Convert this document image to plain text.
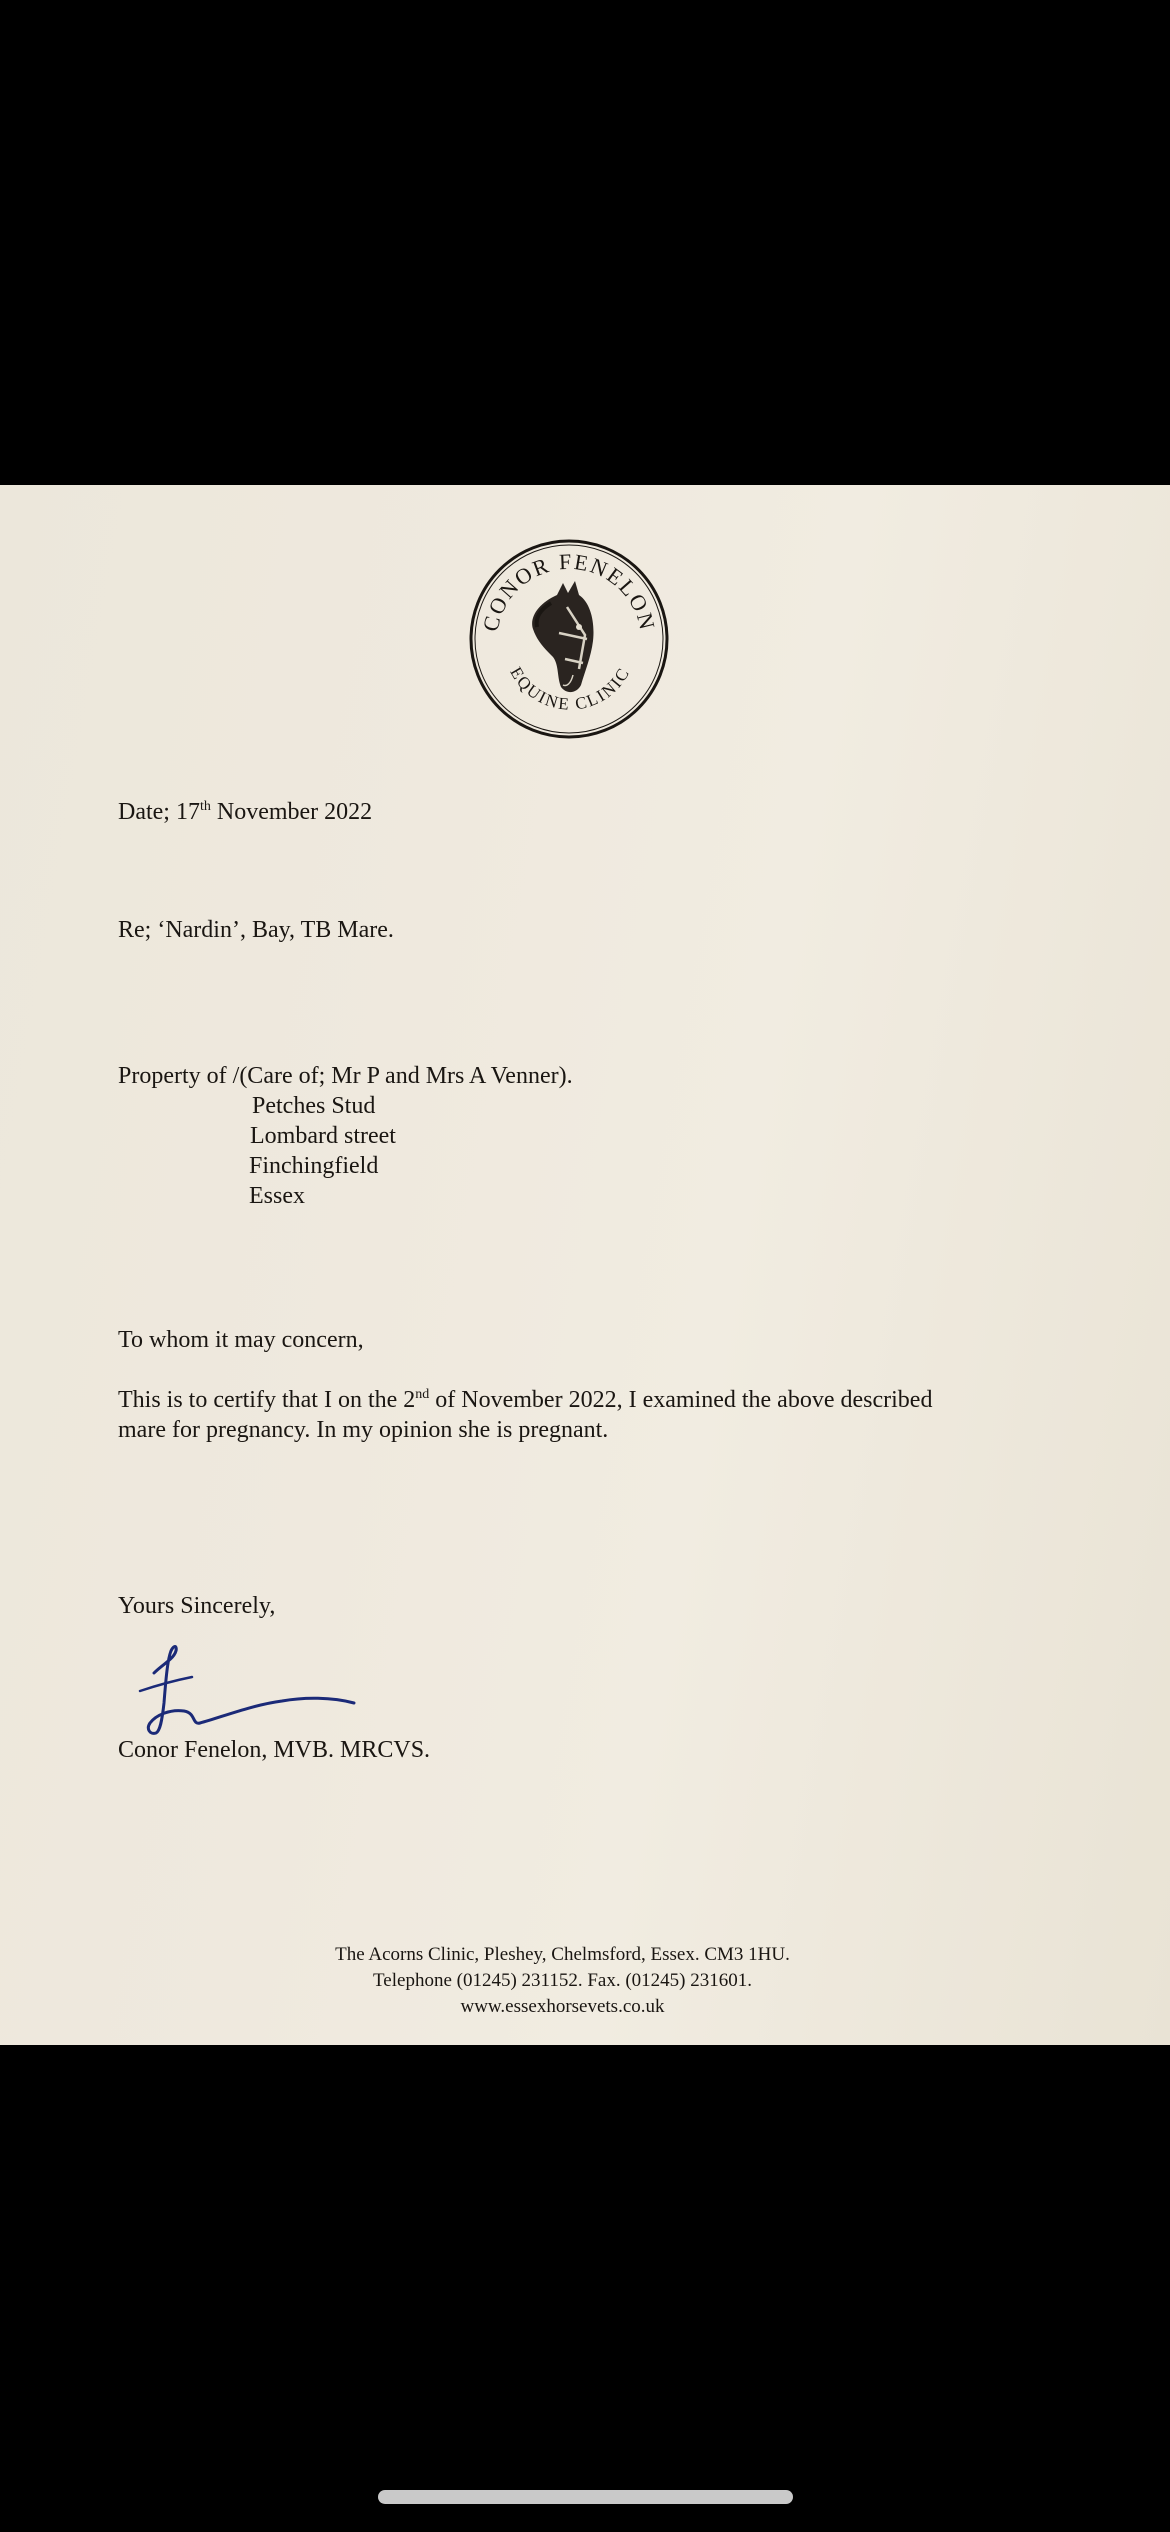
CONOR FENELON
EQUINE CLINIC
Date; 17th November 2022
Re; ‘Nardin’, Bay, TB Mare.
Property of /(Care of; Mr P and Mrs A Venner).
Petches Stud
Lombard street
Finchingfield
Essex
To whom it may concern,
This is to certify that I on the 2nd of November 2022, I examined the above described
mare for pregnancy. In my opinion she is pregnant.
Yours Sincerely,
Conor Fenelon, MVB. MRCVS.
The Acorns Clinic, Pleshey, Chelmsford, Essex. CM3 1HU.
Telephone (01245) 231152. Fax. (01245) 231601.
www.essexhorsevets.co.uk
